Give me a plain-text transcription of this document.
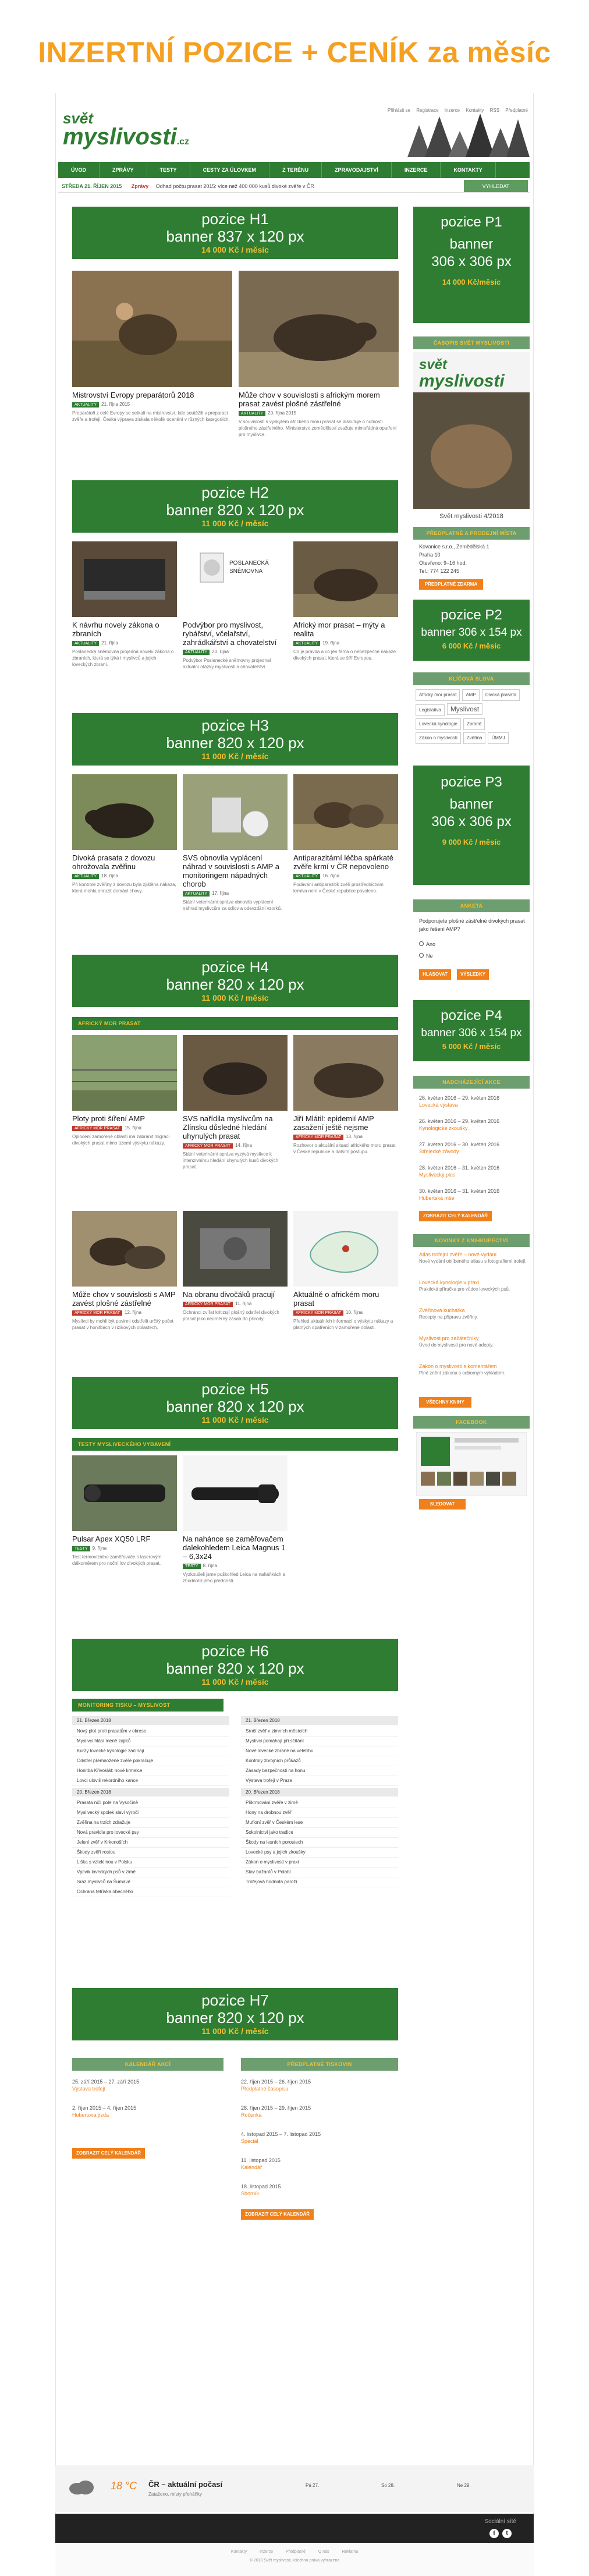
INZERTNÍ POZICE + CENÍK za měsíc
Přihlásit se Registrace Inzerce Kontakty RSS Předplatné
svět
myslivosti.cz
ÚVOD	ZPRÁVY	TESTY	CESTY ZA ÚLOVKEM	Z TERÉNU	ZPRAVODAJSTVÍ	INZERCE	KONTAKTY
VYHLEDAT
STŘEDA 21. ŘÍJEN 2015 Zprávy Odhad počtu prasat 2015: více než 400 000 kusů divoké zvěře v ČR
pozice H1
banner 837 x 120 px
14 000 Kč / měsíc
Mistrovství Evropy preparátorů 2018
AKTUALITY 21. října 2015
Preparátoři z celé Evropy se setkali na mistrovství, kde soutěžili v preparaci zvěře a trofejí. Česká výprava získala několik ocenění v různých kategoriích.
Může chov v souvislosti s africkým morem prasat zavést plošné zástřelné
AKTUALITY 20. října 2015
V souvislosti s výskytem afrického moru prasat se diskutuje o nutnosti plošného zástřelného. Ministerstvo zemědělství zvažuje mimořádná opatření pro myslivce.
pozice H2
banner 820 x 120 px
11 000 Kč / měsíc
K návrhu novely zákona o zbraních
AKTUALITY 21. října
Poslanecká sněmovna projedná novelu zákona o zbraních, která se týká i myslivců a jejich loveckých zbraní.
POSLANECKÁ
SNĚMOVNA
Podvýbor pro myslivost, rybářství, včelařství, zahrádkářství a chovatelství
AKTUALITY 20. října
Podvýbor Poslanecké sněmovny projednal aktuální otázky myslivosti a chovatelství.
Africký mor prasat – mýty a realita
AKTUALITY 19. října
Co je pravda a co jen fáma o nebezpečné nákaze divokých prasat, která se šíří Evropou.
pozice H3
banner 820 x 120 px
11 000 Kč / měsíc
Divoká prasata z dovozu ohrožovala zvěřinu
AKTUALITY 18. října
Při kontrole zvěřiny z dovozu byla zjištěna nákaza, která mohla ohrozit domácí chovy.
SVS obnovila vyplácení náhrad v souvislosti s AMP a monitoringem nápadných chorob
AKTUALITY 17. října
Státní veterinární správa obnovila vyplácení náhrad myslivcům za odlov a odevzdání vzorků.
Antiparazitární léčba spárkaté zvěře krmí v ČR nepovoleno
AKTUALITY 16. října
Podávání antiparazitik zvěři prostřednictvím krmiva není v České republice povoleno.
pozice H4
banner 820 x 120 px
11 000 Kč / měsíc
AFRICKÝ MOR PRASAT
Ploty proti šíření AMP
AFRICKÝ MOR PRASAT 15. října
Oplocení zamořené oblasti má zabránit migraci divokých prasat mimo území výskytu nákazy.
SVS nařídila myslivcům na Zlínsku důsledné hledání uhynulých prasat
AFRICKÝ MOR PRASAT 14. října
Státní veterinární správa vyzývá myslivce k intenzivnímu hledání uhynulých kusů divokých prasat.
Jiří Mlátil: epidemií AMP zasažení ještě nejsme
AFRICKÝ MOR PRASAT 13. října
Rozhovor o aktuální situaci afrického moru prasat v České republice a dalším postupu.
Může chov v souvislosti s AMP zavést plošné zástřelné
AFRICKÝ MOR PRASAT 12. října
Myslivci by mohli být povinni odstřelit určitý počet prasat v honitbách v rizikových oblastech.
Na obranu divočáků pracují
AFRICKÝ MOR PRASAT 11. října
Ochránci zvířat kritizují plošný odstřel divokých prasat jako neúměrný zásah do přírody.
Aktuálně o africkém moru prasat
AFRICKÝ MOR PRASAT 10. října
Přehled aktuálních informací o výskytu nákazy a platných opatřeních v zamořené oblasti.
pozice H5
banner 820 x 120 px
11 000 Kč / měsíc
TESTY MYSLIVECKÉHO VYBAVENÍ
Pulsar Apex XQ50 LRF
TESTY 9. října
Test termovizního zaměřovače s laserovým dálkoměrem pro noční lov divokých prasat.
Na nahánce se zaměřovačem dalekohledem Leica Magnus 1 – 6,3x24
TESTY 8. října
Vyzkoušeli jsme puškohled Leica na naháňkách a zhodnotili jeho přednosti.
pozice H6
banner 820 x 120 px
11 000 Kč / měsíc
MONITORING TISKU – MYSLIVOST
21. Březen 2018
Nový plot proti prasatům v okrese
Myslivci hlásí méně zajíců
Kurzy lovecké kynologie začínají
Odstřel přemnožené zvěře pokračuje
Honitba Křivoklát: nové krmelce
Lovci ulovili rekordního kance
20. Březen 2018
Prasata ničí pole na Vysočině
Myslivecký spolek slaví výročí
Zvěřina na trzích zdražuje
Nová pravidla pro lovecké psy
Jelení zvěř v Krkonoších
Škody zvěří rostou
Liška s vzteklinou v Polsku
Výcvik loveckých psů v zimě
Sraz myslivců na Šumavě
Ochrana tetřívka obecného
21. Březen 2018
Srnčí zvěř v zimních měsících
Myslivci pomáhají při sčítání
Nové lovecké zbraně na veletrhu
Kontroly zbrojních průkazů
Zásady bezpečnosti na honu
Výstava trofejí v Praze
20. Březen 2018
Přikrmování zvěře v zimě
Hony na drobnou zvěř
Mufloní zvěř v Českém lese
Sokolnictví jako tradice
Škody na lesních porostech
Lovecké psy a jejich zkoušky
Zákon o myslivosti v praxi
Stav bažantů v Polabí
Trofejová hodnota paroží
pozice H7
banner 820 x 120 px
11 000 Kč / měsíc
KALENDÁŘ AKCÍ
25. září 2015 – 27. září 2015
Výstava trofejí
2. říjen 2015 – 4. říjen 2015
Hubertova jízda
ZOBRAZIT CELÝ KALENDÁŘ
PŘEDPLATNÉ TISKOVIN
22. říjen 2015 – 26. říjen 2015
Předplatné časopisu
28. říjen 2015 – 29. říjen 2015
Ročenka
4. listopad 2015 – 7. listopad 2015
Speciál
11. listopad 2015
Kalendář
18. listopad 2015
Sborník
ZOBRAZIT CELÝ KALENDÁŘ
pozice P1
banner
306 x 306 px
14 000 Kč/měsíc
ČASOPIS SVĚT MYSLIVOSTI
svět
myslivosti
Svět myslivosti 4/2018
PŘEDPLATNÉ A PRODEJNÍ MÍSTA
Kovanice s.r.o., Zemědělská 1
Praha 10
Otevřeno: 9–16 hod.
Tel.: 774 122 245
PŘEDPLATNÉ ZDARMA
pozice P2
banner 306 x 154 px
6 000 Kč / měsíc
KLÍČOVÁ SLOVA
Africký mor prasat AMP Divoká prasataLegislativa MyslivostLovecká kynologie ZbraněZákon o myslivosti Zvěřina ÚMMJ
pozice P3
banner
306 x 306 px
9 000 Kč / měsíc
ANKETA
Podporujete plošné zástřelné divokých prasat jako řešení AMP?
Ano
Ne
HLASOVAT	VÝSLEDKY
pozice P4
banner 306 x 154 px
5 000 Kč / měsíc
NADCHÁZEJÍCÍ AKCE
26. květen 2016 – 29. květen 2016
Lovecká výstava
26. květen 2016 – 29. květen 2016
Kynologické zkoušky
27. květen 2016 – 30. květen 2016
Střelecké závody
28. květen 2016 – 31. květen 2016
Myslivecký ples
30. květen 2016 – 31. květen 2016
Hubertská mše
ZOBRAZIT CELÝ KALENDÁŘ
NOVINKY Z KNIHKUPECTVÍ
Atlas trofejní zvěře – nové vydání
Nové vydání oblíbeného atlasu s fotografiemi trofejí.
Lovecká kynologie v praxi
Praktická příručka pro vůdce loveckých psů.
Zvěřinová kuchařka
Recepty na přípravu zvěřiny.
Myslivost pro začátečníky
Úvod do myslivosti pro nové adepty.
Zákon o myslivosti s komentářem
Plné znění zákona s odborným výkladem.
VŠECHNY KNIHY
FACEBOOK
SLEDOVAT
18 °C ČR – aktuální počasí
Zataženo, místy přeháňky
Pá 27.	So 28.	Ne 29.
Sociální sítě
f	t
Kontakty	Inzerce	Předplatné	O nás	Reklama
© 2018 Svět myslivosti, všechna práva vyhrazena
